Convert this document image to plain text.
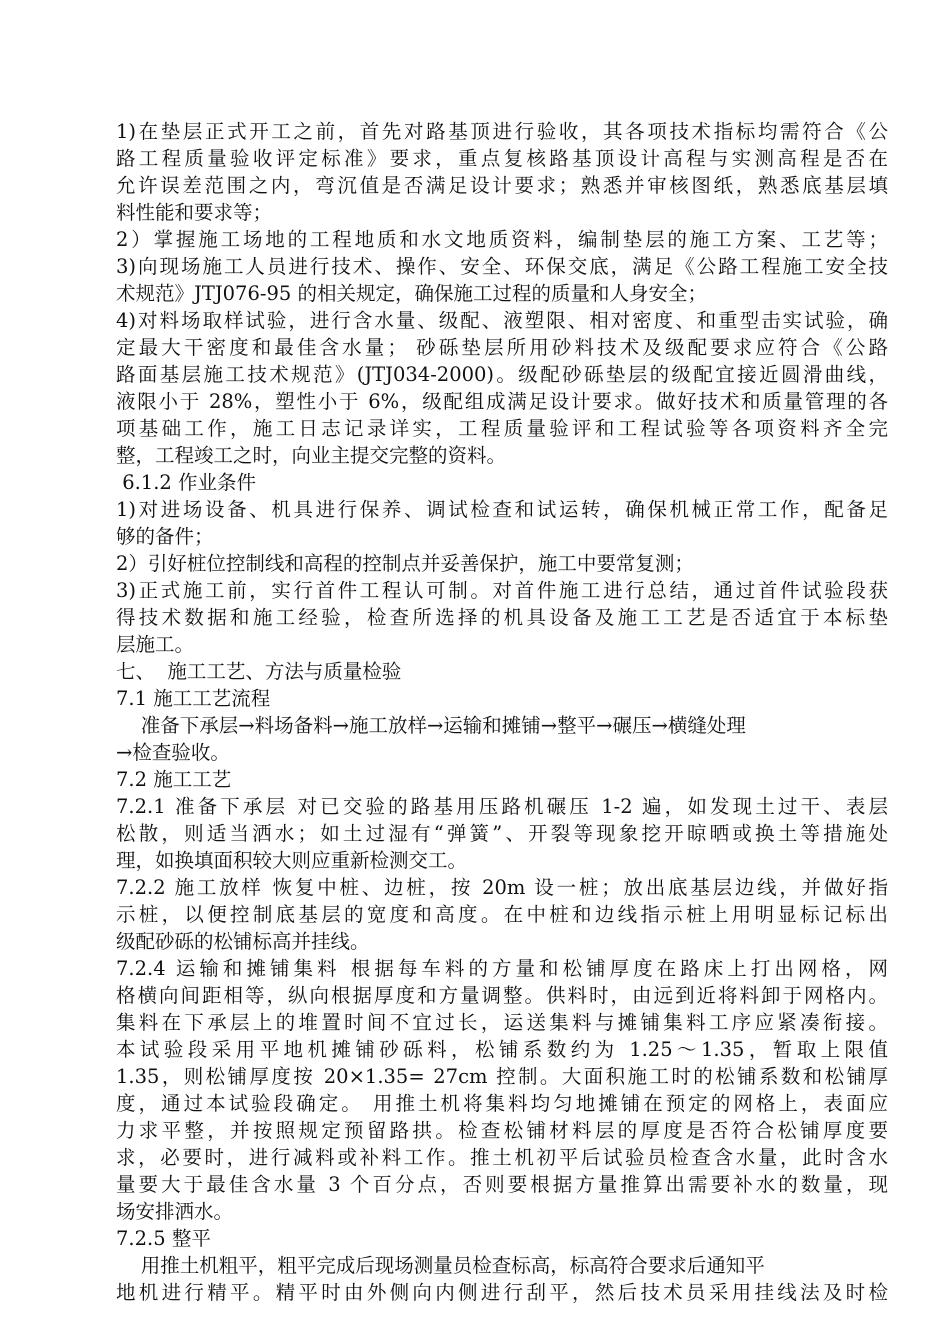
1)在垫层正式开工之前，首先对路基顶进行验收，其各项技术指标均需符合《公
路工程质量验收评定标准》要求，重点复核路基顶设计高程与实测高程是否在
允许误差范围之内，弯沉值是否满足设计要求；熟悉并审核图纸，熟悉底基层填
料性能和要求等；
2）掌握施工场地的工程地质和水文地质资料，编制垫层的施工方案、工艺等；
3)向现场施工人员进行技术、操作、安全、环保交底，满足《公路工程施工安全技
术规范》JTJ076-95 的相关规定，确保施工过程的质量和人身安全；
4)对料场取样试验，进行含水量、级配、液塑限、相对密度、和重型击实试验，确
定最大干密度和最佳含水量； 砂砾垫层所用砂料技术及级配要求应符合《公路
路面基层施工技术规范》(JTJ034-2000)。级配砂砾垫层的级配宜接近圆滑曲线，
液限小于 28%，塑性小于 6%，级配组成满足设计要求。做好技术和质量管理的各
项基础工作，施工日志记录详实，工程质量验评和工程试验等各项资料齐全完
整，工程竣工之时，向业主提交完整的资料。
6.1.2 作业条件
1)对进场设备、机具进行保养、调试检查和试运转，确保机械正常工作，配备足
够的备件；
2）引好桩位控制线和高程的控制点并妥善保护，施工中要常复测；
3)正式施工前，实行首件工程认可制。对首件施工进行总结，通过首件试验段获
得技术数据和施工经验，检查所选择的机具设备及施工工艺是否适宜于本标垫
层施工。
七、  施工工艺、方法与质量检验
7.1 施工工艺流程
准备下承层→料场备料→施工放样→运输和摊铺→整平→碾压→横缝处理
→检查验收。
7.2 施工工艺
7.2.1 准备下承层 对已交验的路基用压路机碾压 1-2 遍，如发现土过干、表层
松散，则适当洒水；如土过湿有“弹簧”、开裂等现象挖开晾晒或换土等措施处
理，如换填面积较大则应重新检测交工。
7.2.2 施工放样 恢复中桩、边桩，按 20m 设一桩；放出底基层边线，并做好指
示桩，以便控制底基层的宽度和高度。在中桩和边线指示桩上用明显标记标出
级配砂砾的松铺标高并挂线。
7.2.4 运输和摊铺集料 根据每车料的方量和松铺厚度在路床上打出网格，网
格横向间距相等，纵向根据厚度和方量调整。供料时，由远到近将料卸于网格内。
集料在下承层上的堆置时间不宜过长，运送集料与摊铺集料工序应紧凑衔接。
本试验段采用平地机摊铺砂砾料，松铺系数约为 1.25～1.35，暂取上限值
1.35，则松铺厚度按 20×1.35= 27cm 控制。大面积施工时的松铺系数和松铺厚
度，通过本试验段确定。 用推土机将集料均匀地摊铺在预定的网格上，表面应
力求平整，并按照规定预留路拱。检查松铺材料层的厚度是否符合松铺厚度要
求，必要时，进行减料或补料工作。推土机初平后试验员检查含水量，此时含水
量要大于最佳含水量 3 个百分点，否则要根据方量推算出需要补水的数量，现
场安排洒水。
7.2.5 整平
用推土机粗平，粗平完成后现场测量员检查标高，标高符合要求后通知平
地机进行精平。精平时由外侧向内侧进行刮平，然后技术员采用挂线法及时检
